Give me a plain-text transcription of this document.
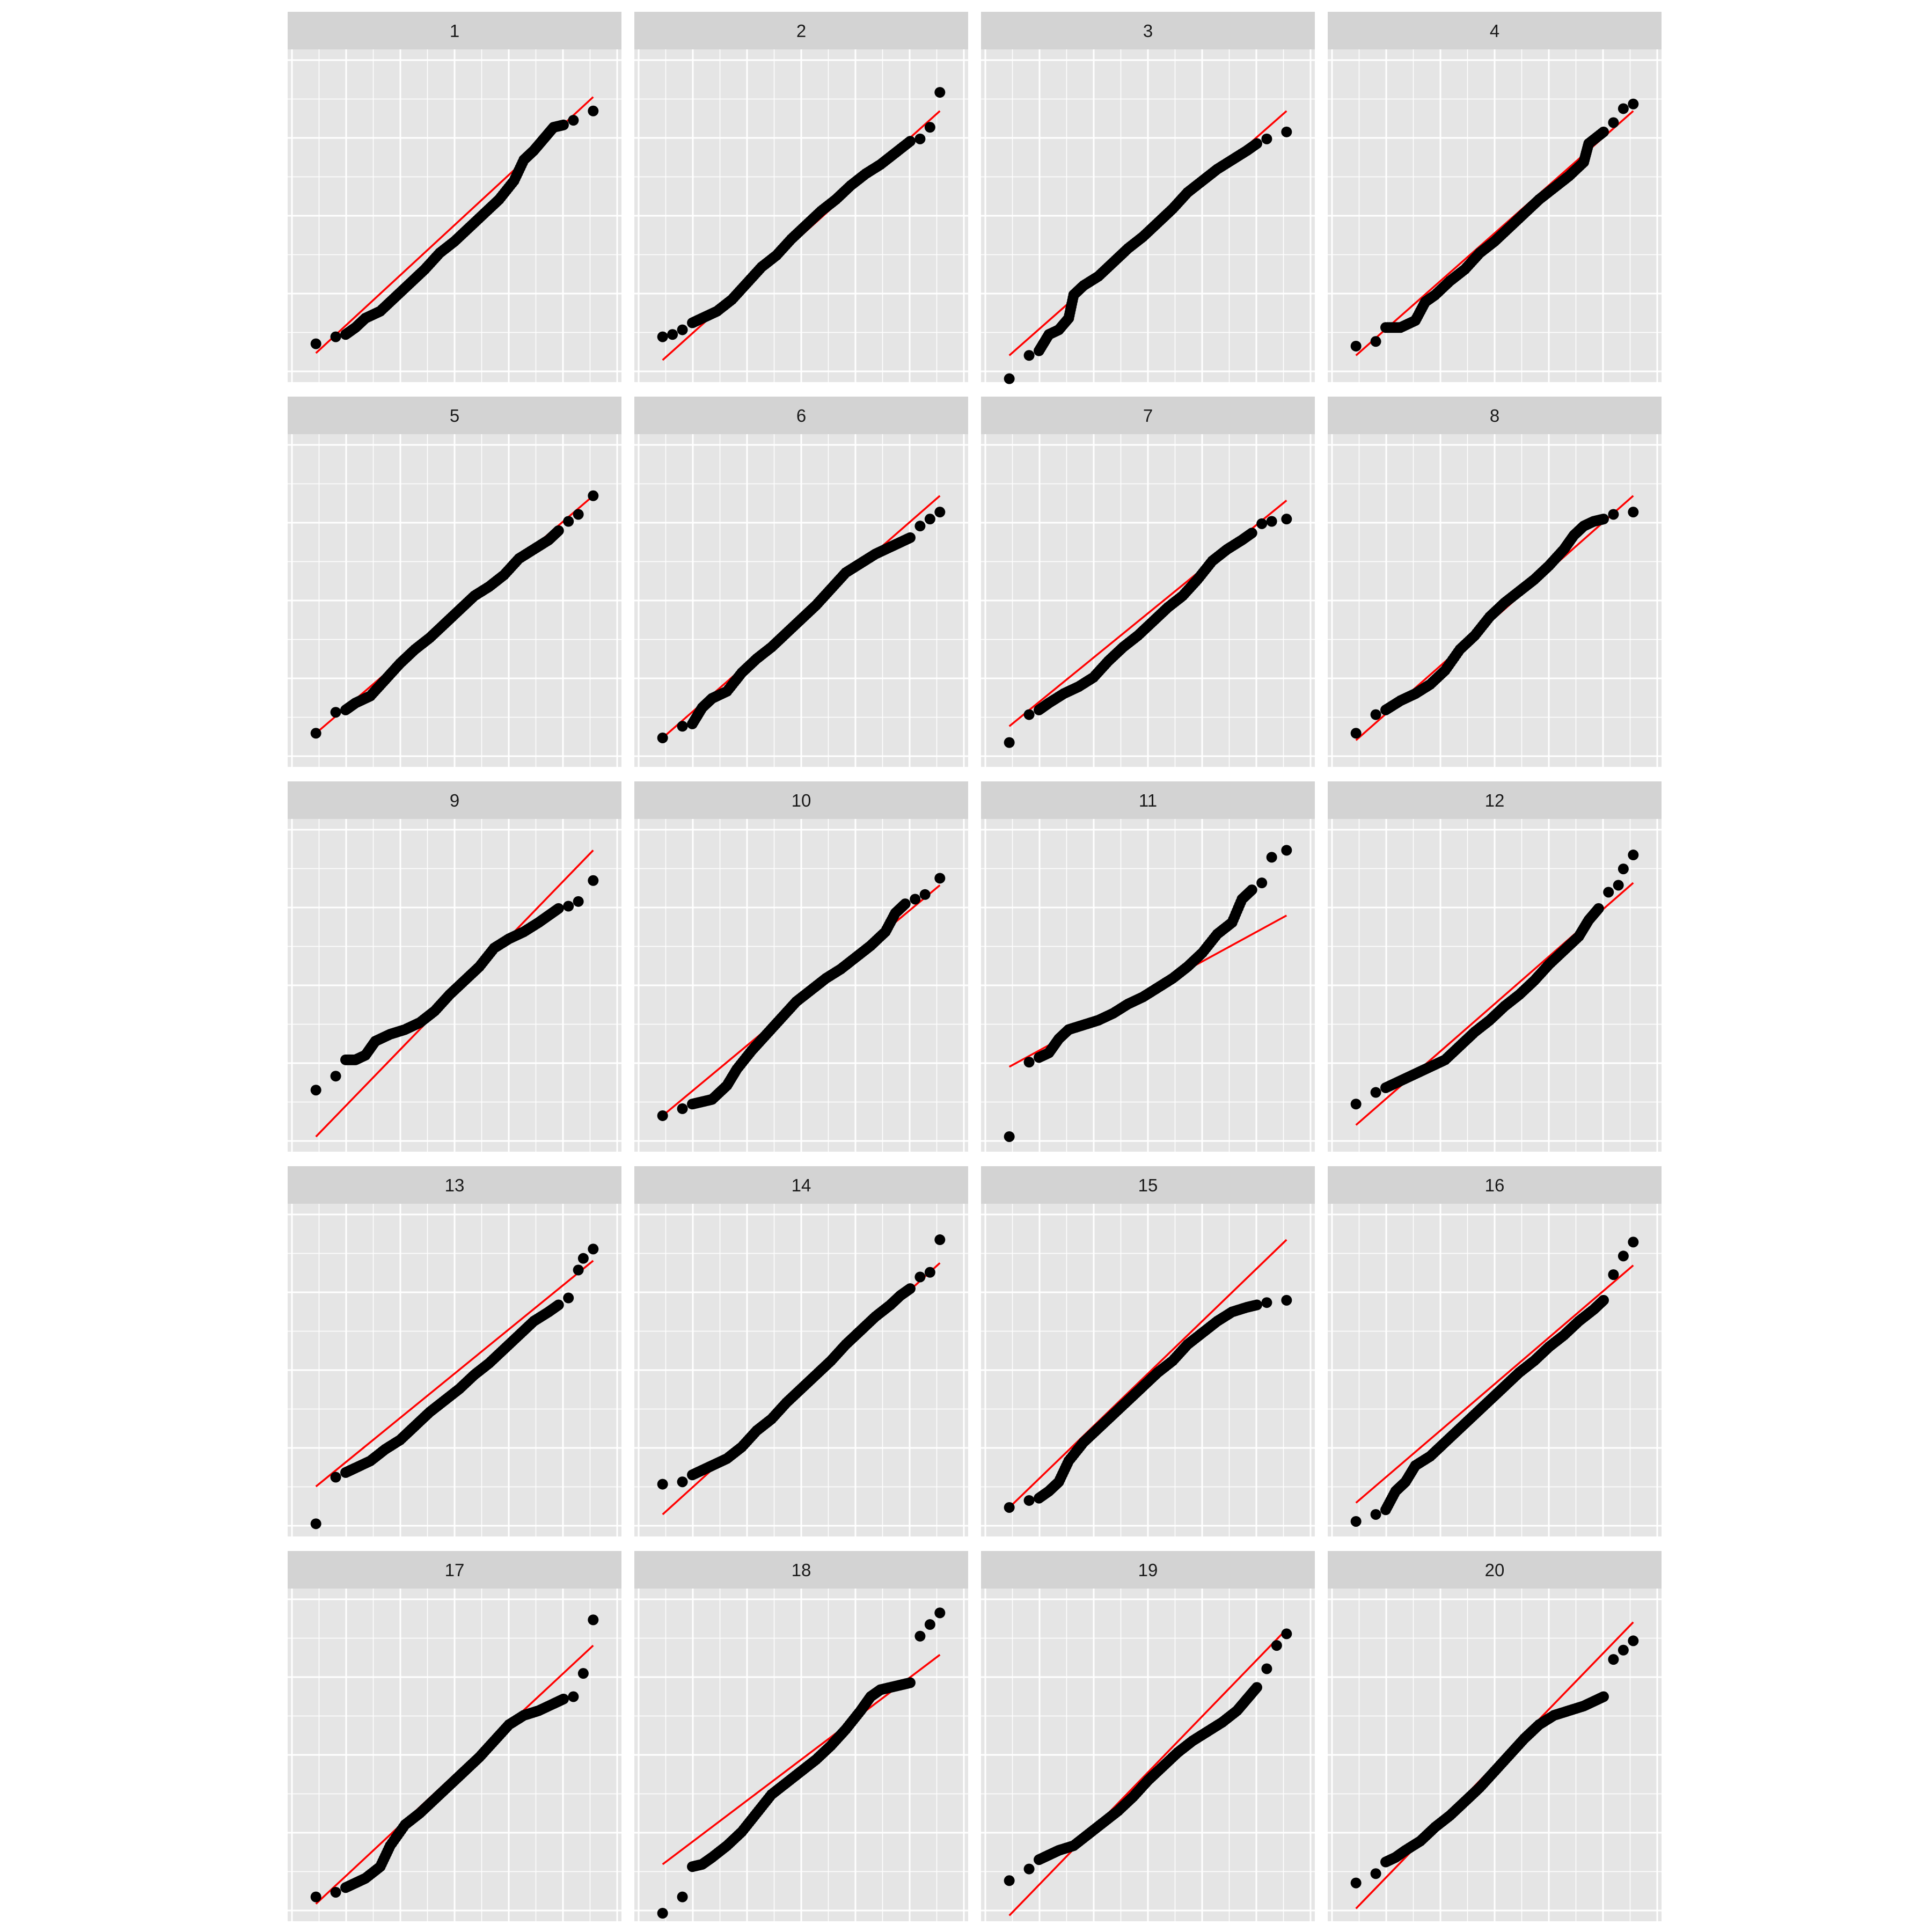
1	2	3	4
5	6	7	8
9	10	11	12
13	14	15	16
17	18	19	20
